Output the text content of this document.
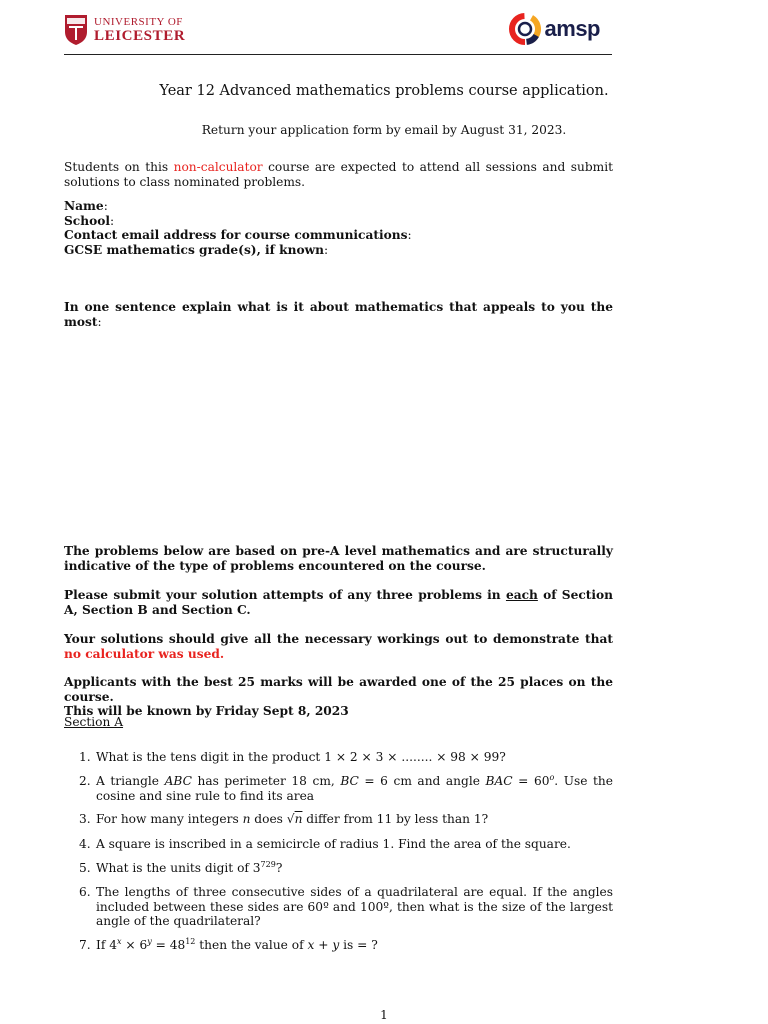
UNIVERSITY OF
LEICESTER	amsp
Year 12 Advanced mathematics problems course application.
Return your application form by email by August 31, 2023.
Students on this non-calculator course are expected to attend all sessions and submit solutions to class nominated problems.
Name:
School:
Contact email address for course communications:
GCSE mathematics grade(s), if known:
In one sentence explain what is it about mathematics that appeals to you the most:
The problems below are based on pre-A level mathematics and are structurally indicative of the type of problems encountered on the course.
Please submit your solution attempts of any three problems in each of Section A, Section B and Section C.
Your solutions should give all the necessary workings out to demonstrate that no calculator was used.
Applicants with the best 25 marks will be awarded one of the 25 places on the course.
This will be known by Friday Sept 8, 2023
Section A
1. What is the tens digit in the product 1 × 2 × 3 × ........ × 98 × 99?
2. A triangle ABC has perimeter 18 cm, BC = 6 cm and angle BAC = $60^o$. Use the cosine and sine rule to find its area
3. For how many integers n does √n differ from 11 by less than 1?
4. A square is inscribed in a semicircle of radius 1. Find the area of the square.
5. What is the units digit of $3^{729}$?
6. The lengths of three consecutive sides of a quadrilateral are equal. If the angles included between these sides are 60º and 100º, then what is the size of the largest angle of the quadrilateral?
7. If $4^x \times 6^y = 48^{12}$ then the value of x + y is = ?
1
